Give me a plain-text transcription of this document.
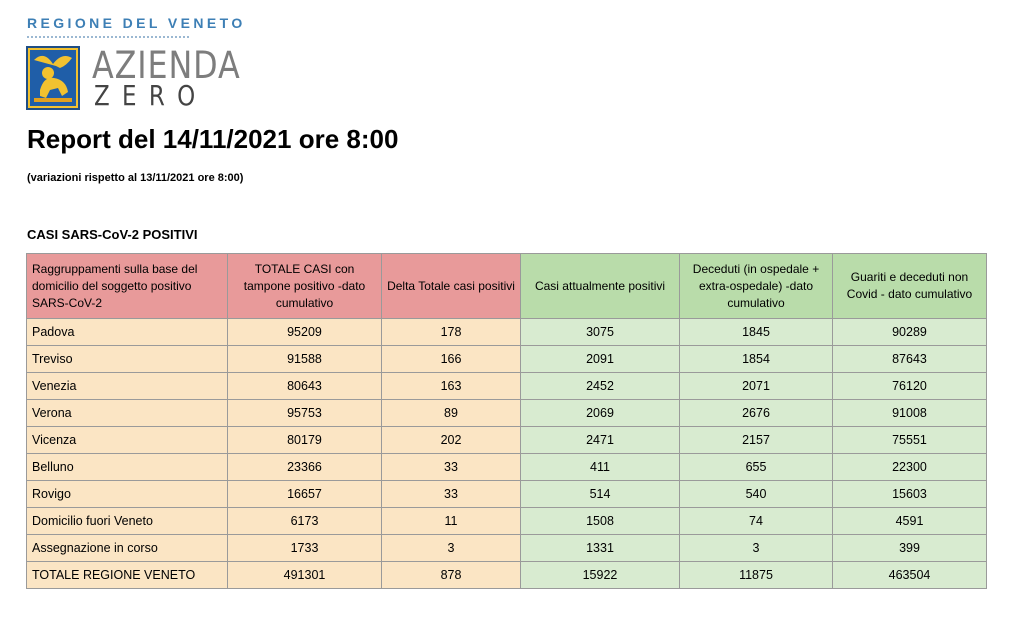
REGIONE DEL VENETO
AZIENDA
ZERO
Report del 14/11/2021 ore 8:00
(variazioni rispetto al 13/11/2021 ore 8:00)
CASI SARS-CoV-2 POSITIVI
Raggruppamenti sulla base del domicilio del soggetto positivo SARS-CoV-2	TOTALE CASI con tampone positivo -dato cumulativo	Delta Totale casi positivi	Casi attualmente positivi	Deceduti (in ospedale + extra-ospedale) -dato cumulativo	Guariti e deceduti non Covid - dato cumulativo
Padova	95209	178	3075	1845	90289
Treviso	91588	166	2091	1854	87643
Venezia	80643	163	2452	2071	76120
Verona	95753	89	2069	2676	91008
Vicenza	80179	202	2471	2157	75551
Belluno	23366	33	411	655	22300
Rovigo	16657	33	514	540	15603
Domicilio fuori Veneto	6173	11	1508	74	4591
Assegnazione in corso	1733	3	1331	3	399
TOTALE REGIONE VENETO	491301	878	15922	11875	463504
